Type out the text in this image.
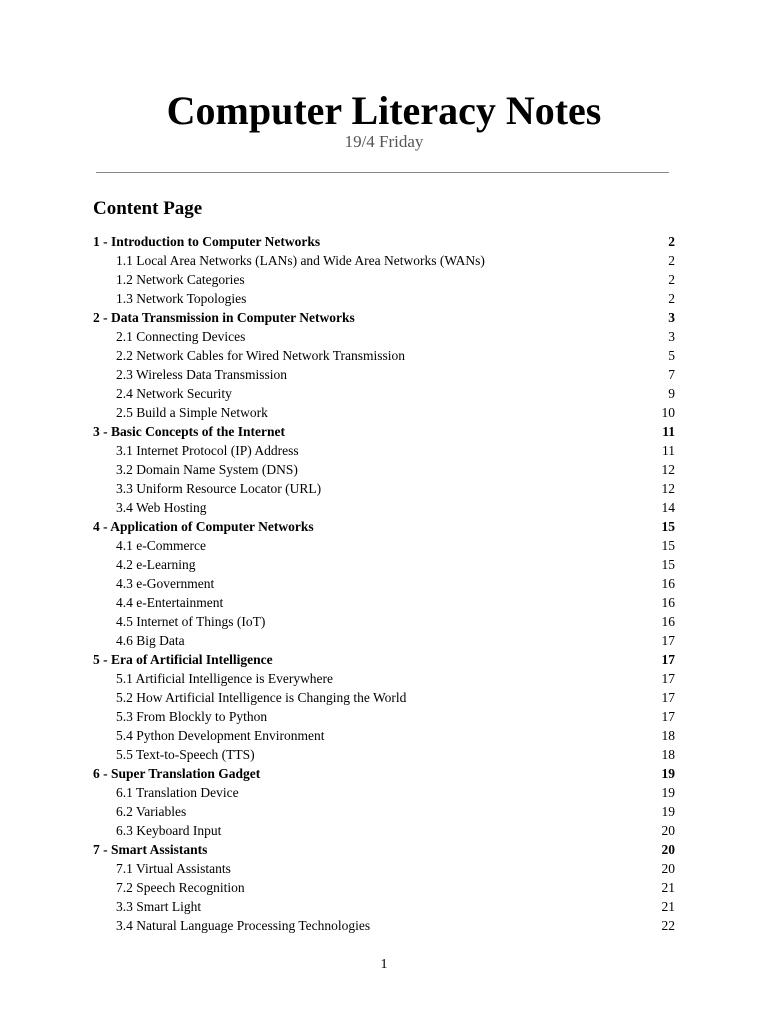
Computer Literacy Notes
19/4 Friday
Content Page
1 - Introduction to Computer Networks	2
1.1 Local Area Networks (LANs) and Wide Area Networks (WANs)	2
1.2 Network Categories	2
1.3 Network Topologies	2
2 - Data Transmission in Computer Networks	3
2.1 Connecting Devices	3
2.2 Network Cables for Wired Network Transmission	5
2.3 Wireless Data Transmission	7
2.4 Network Security	9
2.5 Build a Simple Network	10
3 - Basic Concepts of the Internet	11
3.1 Internet Protocol (IP) Address	11
3.2 Domain Name System (DNS)	12
3.3 Uniform Resource Locator (URL)	12
3.4 Web Hosting	14
4 - Application of Computer Networks	15
4.1 e-Commerce	15
4.2 e-Learning	15
4.3 e-Government	16
4.4 e-Entertainment	16
4.5 Internet of Things (IoT)	16
4.6 Big Data	17
5 - Era of Artificial Intelligence	17
5.1 Artificial Intelligence is Everywhere	17
5.2 How Artificial Intelligence is Changing the World	17
5.3 From Blockly to Python	17
5.4 Python Development Environment	18
5.5 Text-to-Speech (TTS)	18
6 - Super Translation Gadget	19
6.1 Translation Device	19
6.2 Variables	19
6.3 Keyboard Input	20
7 - Smart Assistants	20
7.1 Virtual Assistants	20
7.2 Speech Recognition	21
3.3 Smart Light	21
3.4 Natural Language Processing Technologies	22
1
